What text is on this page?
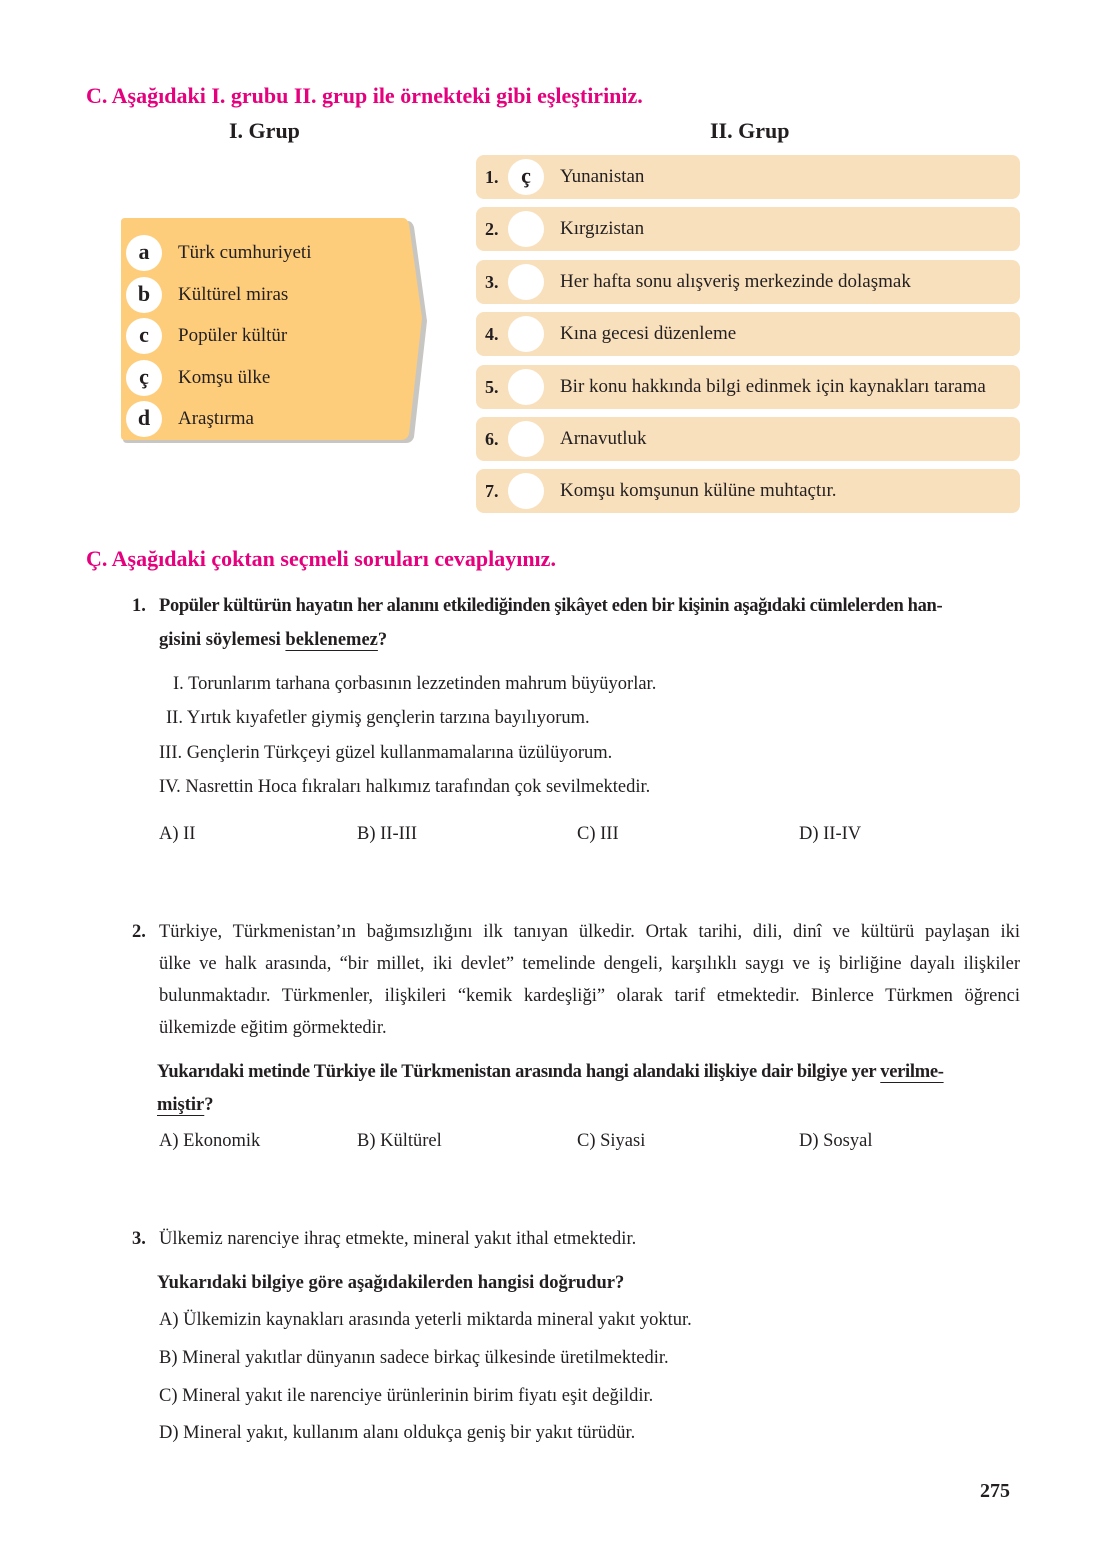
C. Aşağıdaki I. grubu II. grup ile örnekteki gibi eşleştiriniz.
I. Grup	II. Grup
a	Türk cumhuriyeti
b	Kültürel miras
c	Popüler kültür
ç	Komşu ülke
d	Araştırma
1.	ç	Yunanistan
2.	Kırgızistan
3.	Her hafta sonu alışveriş merkezinde dolaşmak
4.	Kına gecesi düzenleme
5.	Bir konu hakkında bilgi edinmek için kaynakları tarama
6.	Arnavutluk
7.	Komşu komşunun külüne muhtaçtır.
Ç. Aşağıdaki çoktan seçmeli soruları cevaplayınız.
1. Popüler kültürün hayatın her alanını etkilediğinden şikâyet eden bir kişinin aşağıdaki cümlelerden han-
gisini söylemesi beklenemez?
I. Torunlarım tarhana çorbasının lezzetinden mahrum büyüyorlar.
II. Yırtık kıyafetler giymiş gençlerin tarzına bayılıyorum.
III. Gençlerin Türkçeyi güzel kullanmamalarına üzülüyorum.
IV. Nasrettin Hoca fıkraları halkımız tarafından çok sevilmektedir.
A) II	B) II-III	C) III	D) II-IV
2. Türkiye, Türkmenistan’ın bağımsızlığını ilk tanıyan ülkedir. Ortak tarihi, dili, dinî ve kültürü paylaşan iki
ülke ve halk arasında, “bir millet, iki devlet” temelinde dengeli, karşılıklı saygı ve iş birliğine dayalı ilişkiler
bulunmaktadır. Türkmenler, ilişkileri “kemik kardeşliği” olarak tarif etmektedir. Binlerce Türkmen öğrenci
ülkemizde eğitim görmektedir.
Yukarıdaki metinde Türkiye ile Türkmenistan arasında hangi alandaki ilişkiye dair bilgiye yer verilme-
miştir?
A) Ekonomik	B) Kültürel	C) Siyasi	D) Sosyal
3. Ülkemiz narenciye ihraç etmekte, mineral yakıt ithal etmektedir.
Yukarıdaki bilgiye göre aşağıdakilerden hangisi doğrudur?
A) Ülkemizin kaynakları arasında yeterli miktarda mineral yakıt yoktur.
B) Mineral yakıtlar dünyanın sadece birkaç ülkesinde üretilmektedir.
C) Mineral yakıt ile narenciye ürünlerinin birim fiyatı eşit değildir.
D) Mineral yakıt, kullanım alanı oldukça geniş bir yakıt türüdür.
275
